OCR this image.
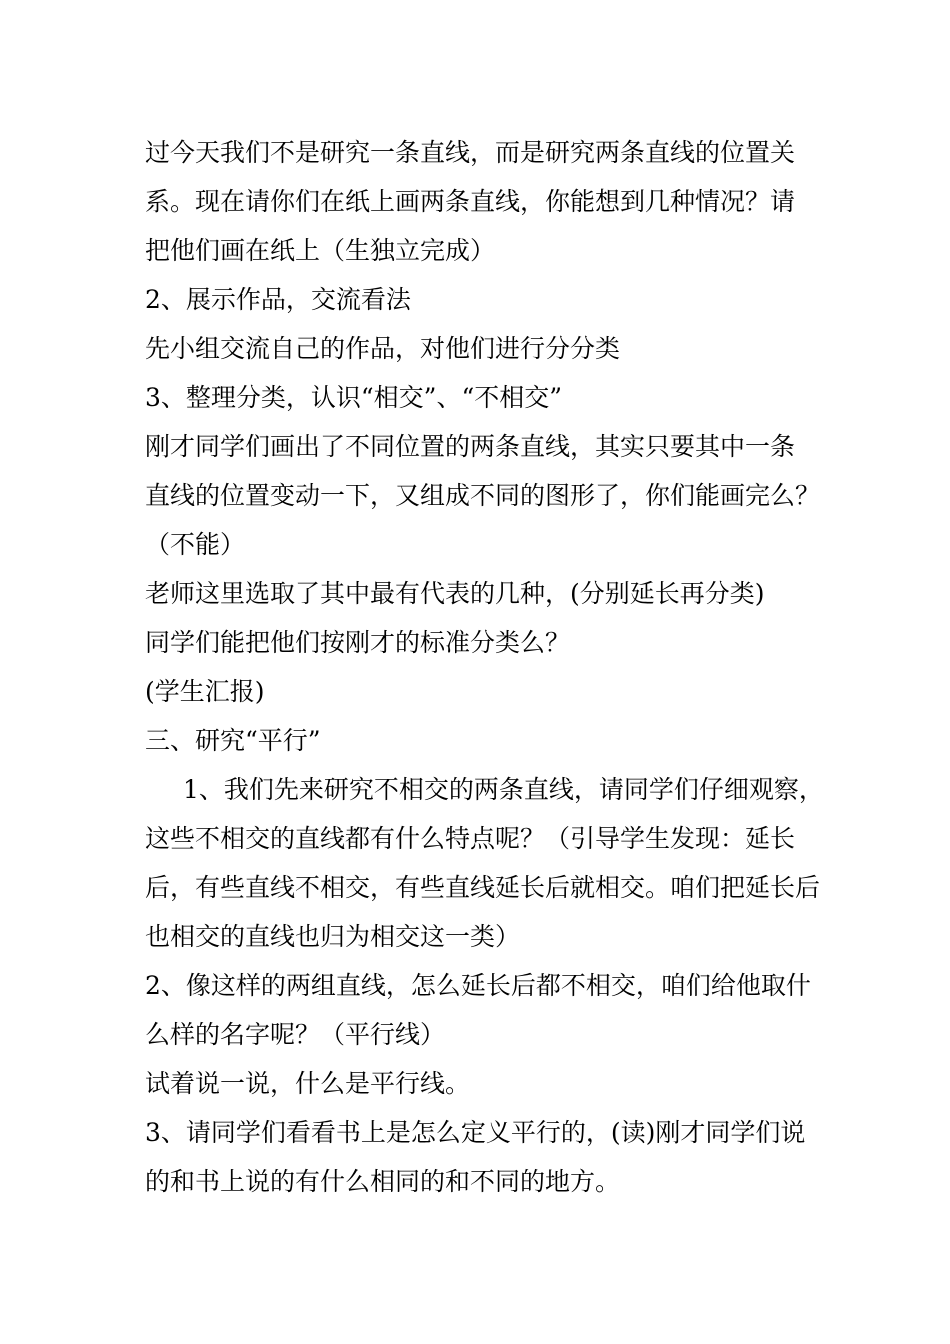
过今天我们不是研究一条直线，而是研究两条直线的位置关
系。现在请你们在纸上画两条直线，你能想到几种情况？请
把他们画在纸上（生独立完成）
2、展示作品，交流看法
先小组交流自己的作品，对他们进行分分类
3、整理分类，认识“相交”、“不相交”
刚才同学们画出了不同位置的两条直线，其实只要其中一条
直线的位置变动一下，又组成不同的图形了，你们能画完么？
（不能）
老师这里选取了其中最有代表的几种，(分别延长再分类)
同学们能把他们按刚才的标准分类么？
(学生汇报)
三、研究“平行”
1、我们先来研究不相交的两条直线，请同学们仔细观察，
这些不相交的直线都有什么特点呢？（引导学生发现：延长
后，有些直线不相交，有些直线延长后就相交。咱们把延长后
也相交的直线也归为相交这一类）
2、像这样的两组直线，怎么延长后都不相交，咱们给他取什
么样的名字呢？（平行线）
试着说一说，什么是平行线。
3、请同学们看看书上是怎么定义平行的，(读)刚才同学们说
的和书上说的有什么相同的和不同的地方。
